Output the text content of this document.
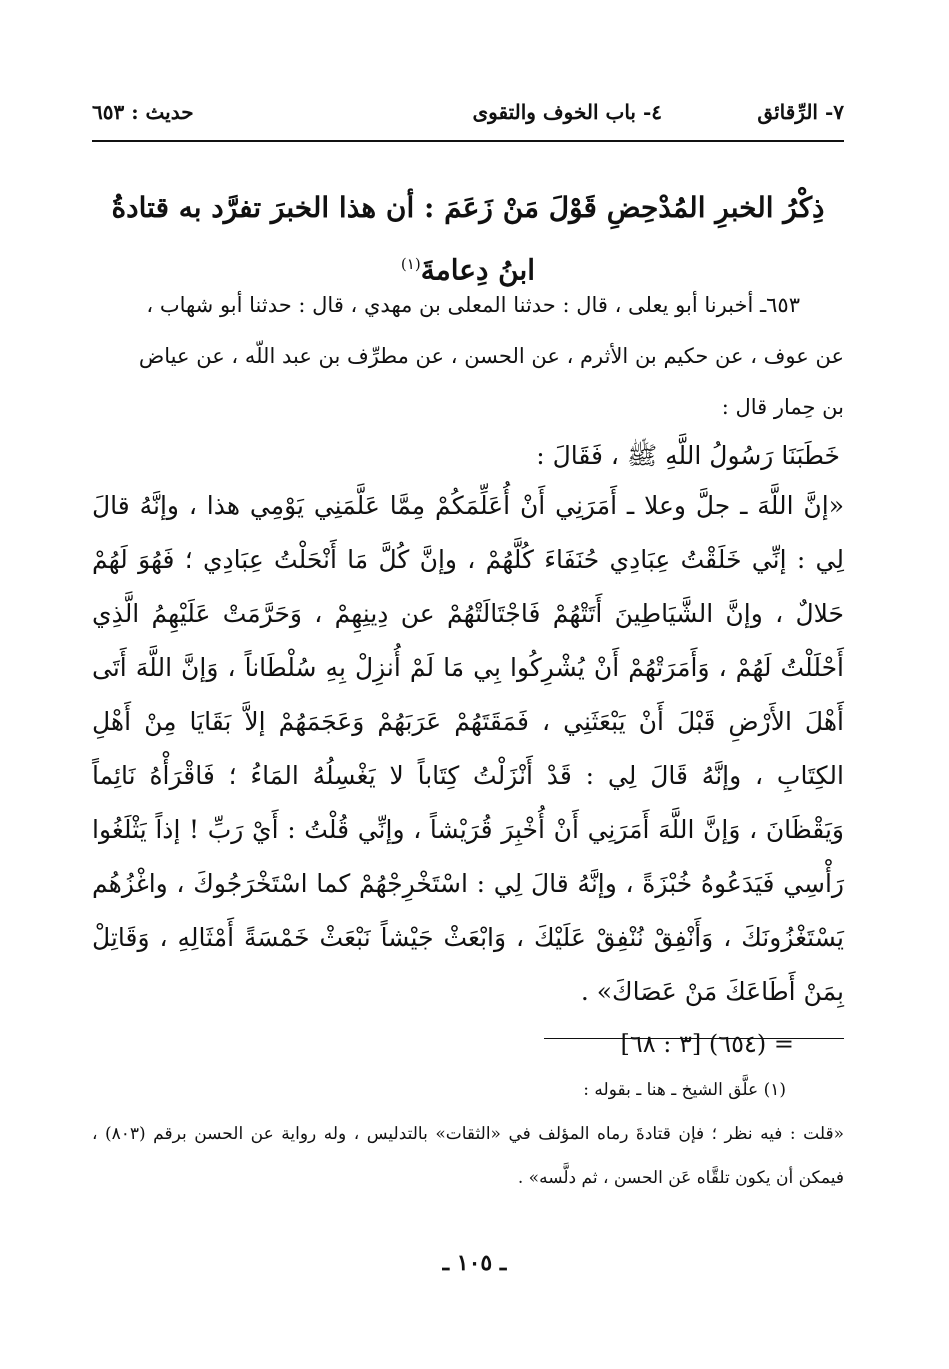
٧- الرِّقائق
٤- باب الخوف والتقوى
حديث : ٦٥٣
ذِكْرُ الخبرِ المُدْحِضِ قَوْلَ مَنْ زَعَمَ : أن هذا الخبرَ تفرَّد به قتادةُ
ابنُ دِعامةَ$^{(١)}$

٦٥٣ـ أخبرنا أبو يعلى ، قال : حدثنا المعلى بن مهدي ، قال : حدثنا أبو شهاب ،

عن عوف ، عن حكيم بن الأثرم ، عن الحسن ، عن مطرِّف بن عبد اللّه ، عن عياض

بن حِمار قال :

خَطَبَنَا رَسُولُ اللَّهِ ﷺ ، فَقَالَ :

«إنَّ اللَّهَ ـ جلَّ وعلا ـ أَمَرَنِي أَنْ أُعَلِّمَكُمْ مِمَّا عَلَّمَنِي يَوْمِي هذا ، وإنَّهُ قالَ لِي : إنِّي خَلَقْتُ عِبَادِي حُنَفَاءَ كُلَّهُمْ ، وإنَّ كُلَّ مَا أَنْحَلْتُ عِبَادِي ؛ فَهُوَ لَهُمْ حَلالٌ ، وإنَّ الشَّيَاطِينَ أَتَتْهُمْ فَاجْتَالَتْهُمْ عن دِينِهِمْ ، وَحَرَّمَتْ عَلَيْهِمُ الَّذِي أَحْلَلْتُ لَهُمْ ، وَأَمَرَتْهُمْ أَنْ يُشْرِكُوا بِي مَا لَمْ أُنزِلْ بِهِ سُلْطَاناً ، وَإنَّ اللَّهَ أَتَى أَهْلَ الأَرْضِ قَبْلَ أَنْ يَبْعَثَنِي ، فَمَقَتَهُمْ عَرَبَهُمْ وَعَجَمَهُمْ إلاَّ بَقَايَا مِنْ أَهْلِ الكِتَابِ ، وإنَّهُ قَالَ لِي : قَدْ أَنْزَلْتُ كِتَاباً لا يَغْسِلُهُ المَاءُ ؛ فَاقْرَأْهُ نَائِماً وَيَقْظَانَ ، وَإنَّ اللَّهَ أَمَرَنِي أَنْ أُخْبِرَ قُرَيْشاً ، وإنِّي قُلْتُ : أَيْ رَبِّ ! إذاً يَثْلَغُوا رَأْسِي فَيَدَعُوهُ خُبْزَةً ، وإنَّهُ قالَ لِي : اسْتَخْرِجْهُمْ كما اسْتَخْرَجُوكَ ، واغْزُهُم يَسْتَغْزُونَكَ ، وَأَنْفِقْ نُنْفِقْ عَلَيْكَ ، وَابْعَثْ جَيْشاً نَبْعَثْ خَمْسَةً أَمْثَالِهِ ، وَقَاتِلْ بِمَنْ أَطَاعَكَ مَنْ عَصَاكَ» .

= (٦٥٤) [٣ : ٦٨]

(١) علَّق الشيخ ـ هنا ـ بقوله :

«قلت : فيه نظر ؛ فإن قتادةَ رماه المؤلف في «الثقات» بالتدليس ، وله رواية عن الحسن برقم (٨٠٣) ، فيمكن أن يكون تلقَّاه عَن الحسن ، ثم دلَّسه» .

ـ ١٠٥ ـ
